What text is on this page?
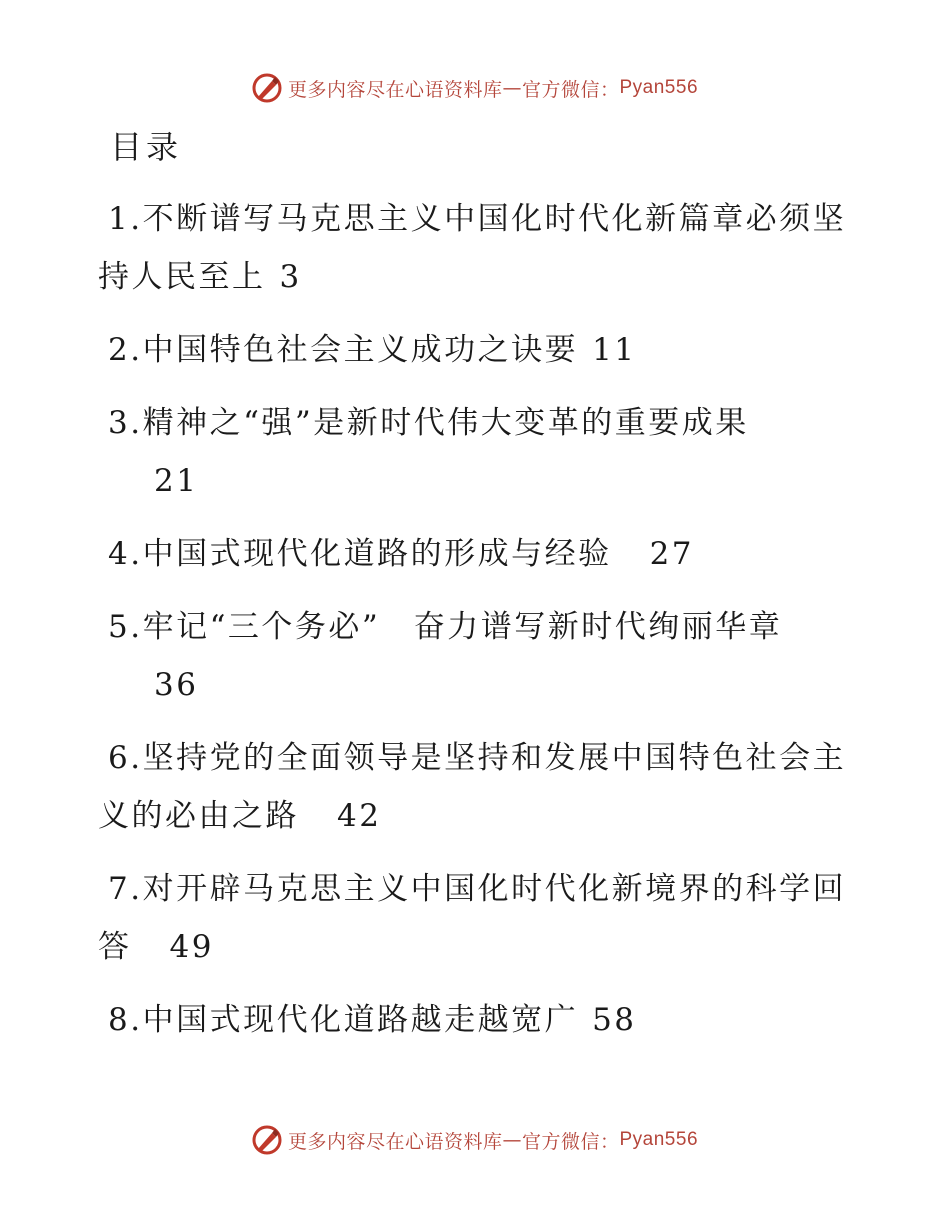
更多内容尽在心语资料库 — 官方微信： Pyan556
目录

1.不断谱写马克思主义中国化时代化新篇章必须坚持人民至上 3

2.中国特色社会主义成功之诀要 11

3.精神之“强”是新时代伟大变革的重要成果
21

4.中国式现代化道路的形成与经验 27

5.牢记“三个务必”　奋力谱写新时代绚丽华章
36

6.坚持党的全面领导是坚持和发展中国特色社会主义的必由之路 42

7.对开辟马克思主义中国化时代化新境界的科学回答 49

8.中国式现代化道路越走越宽广 58

更多内容尽在心语资料库 — 官方微信： Pyan556
